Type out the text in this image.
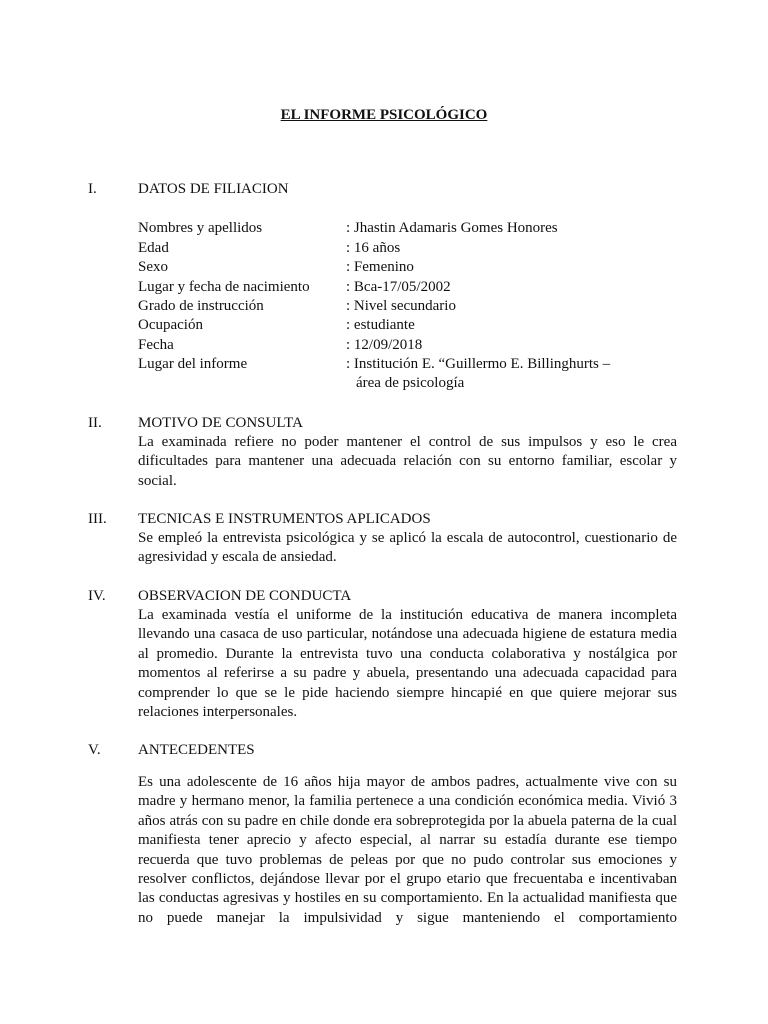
EL INFORME PSICOLÓGICO
I.	DATOS DE FILIACION
Nombres y apellidos	: Jhastin Adamaris Gomes Honores
Edad	: 16 años
Sexo	: Femenino
Lugar y fecha de nacimiento : Bca-17/05/2002
Grado de instrucción	: Nivel secundario
Ocupación	: estudiante
Fecha	: 12/09/2018
Lugar del informe	: Institución E. “Guillermo E. Billinghurts –
área de psicología
II.	MOTIVO DE CONSULTA
La examinada refiere no poder mantener el control de sus impulsos y eso le crea dificultades para mantener una adecuada relación con su entorno familiar, escolar y social.
III.	TECNICAS E INSTRUMENTOS APLICADOS
Se empleó la entrevista psicológica y se aplicó la escala de autocontrol, cuestionario de agresividad y escala de ansiedad.
IV.	OBSERVACION DE CONDUCTA
La examinada vestía el uniforme de la institución educativa de manera incompleta llevando una casaca de uso particular, notándose una adecuada higiene de estatura media al promedio. Durante la entrevista tuvo una conducta colaborativa y nostálgica por momentos al referirse a su padre y abuela, presentando una adecuada capacidad para comprender lo que se le pide haciendo siempre hincapié en que quiere mejorar sus relaciones interpersonales.
V.	ANTECEDENTES
Es una adolescente de 16 años hija mayor de ambos padres, actualmente vive con su madre y hermano menor, la familia pertenece a una condición económica media. Vivió 3 años atrás con su padre en chile donde era sobreprotegida por la abuela paterna de la cual manifiesta tener aprecio y afecto especial, al narrar su estadía durante ese tiempo recuerda que tuvo problemas de peleas por que no pudo controlar sus emociones y resolver conflictos, dejándose llevar por el grupo etario que frecuentaba e incentivaban las conductas agresivas y hostiles en su comportamiento. En la actualidad manifiesta que no puede manejar la impulsividad y sigue manteniendo el comportamiento
